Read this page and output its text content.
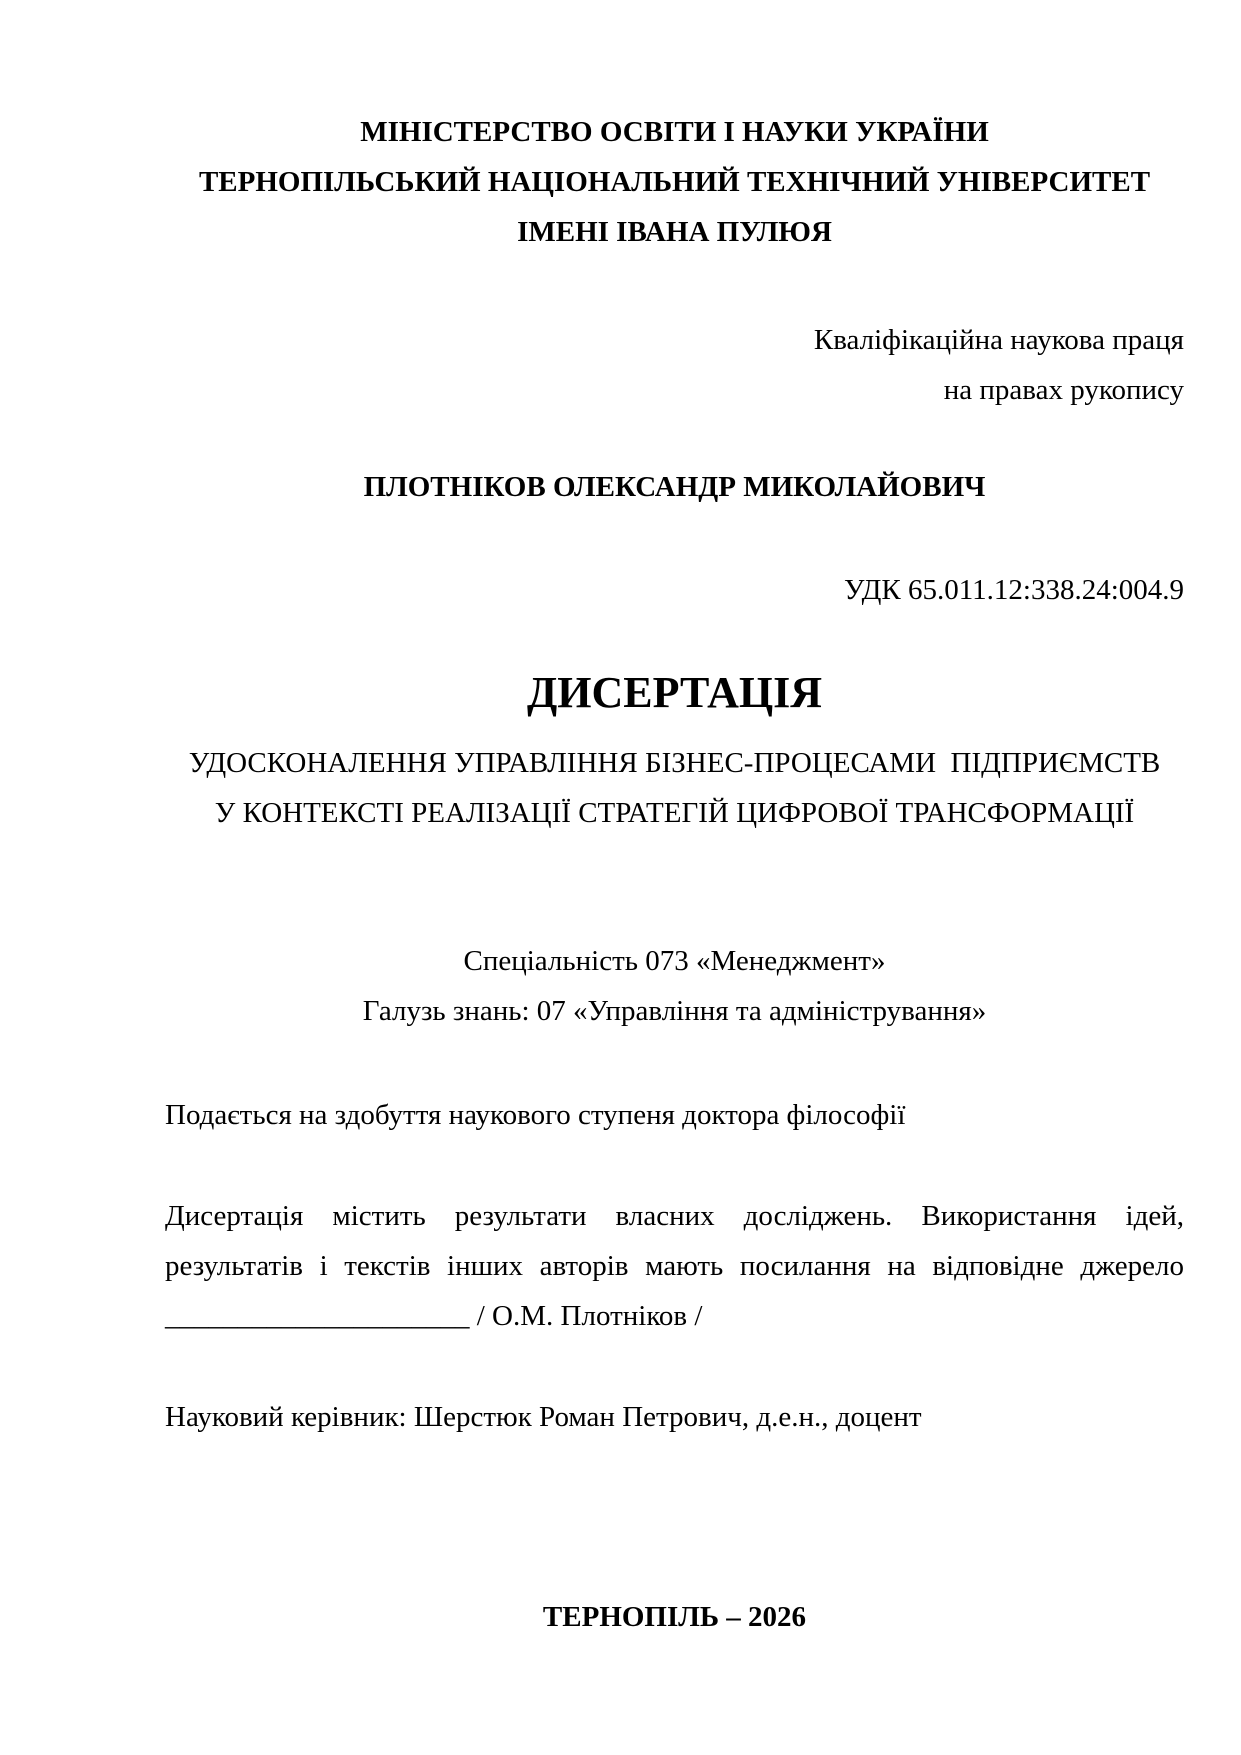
МІНІСТЕРСТВО ОСВІТИ І НАУКИ УКРАЇНИ
ТЕРНОПІЛЬСЬКИЙ НАЦІОНАЛЬНИЙ ТЕХНІЧНИЙ УНІВЕРСИТЕТ
ІМЕНІ ІВАНА ПУЛЮЯ
Кваліфікаційна наукова праця
на правах рукопису
ПЛОТНІКОВ ОЛЕКСАНДР МИКОЛАЙОВИЧ
УДК 65.011.12:338.24:004.9
ДИСЕРТАЦІЯ
УДОСКОНАЛЕННЯ УПРАВЛІННЯ БІЗНЕС-ПРОЦЕСАМИ  ПІДПРИЄМСТВ
У КОНТЕКСТІ РЕАЛІЗАЦІЇ СТРАТЕГІЙ ЦИФРОВОЇ ТРАНСФОРМАЦІЇ
Спеціальність 073 «Менеджмент»
Галузь знань: 07 «Управління та адміністрування»
Подається на здобуття наукового ступеня доктора філософії
Дисертація містить результати власних досліджень. Використання ідей,
результатів і текстів інших авторів мають посилання на відповідне джерело
_____________________ / О.М. Плотніков /
Науковий керівник: Шерстюк Роман Петрович, д.е.н., доцент
ТЕРНОПІЛЬ – 2026
